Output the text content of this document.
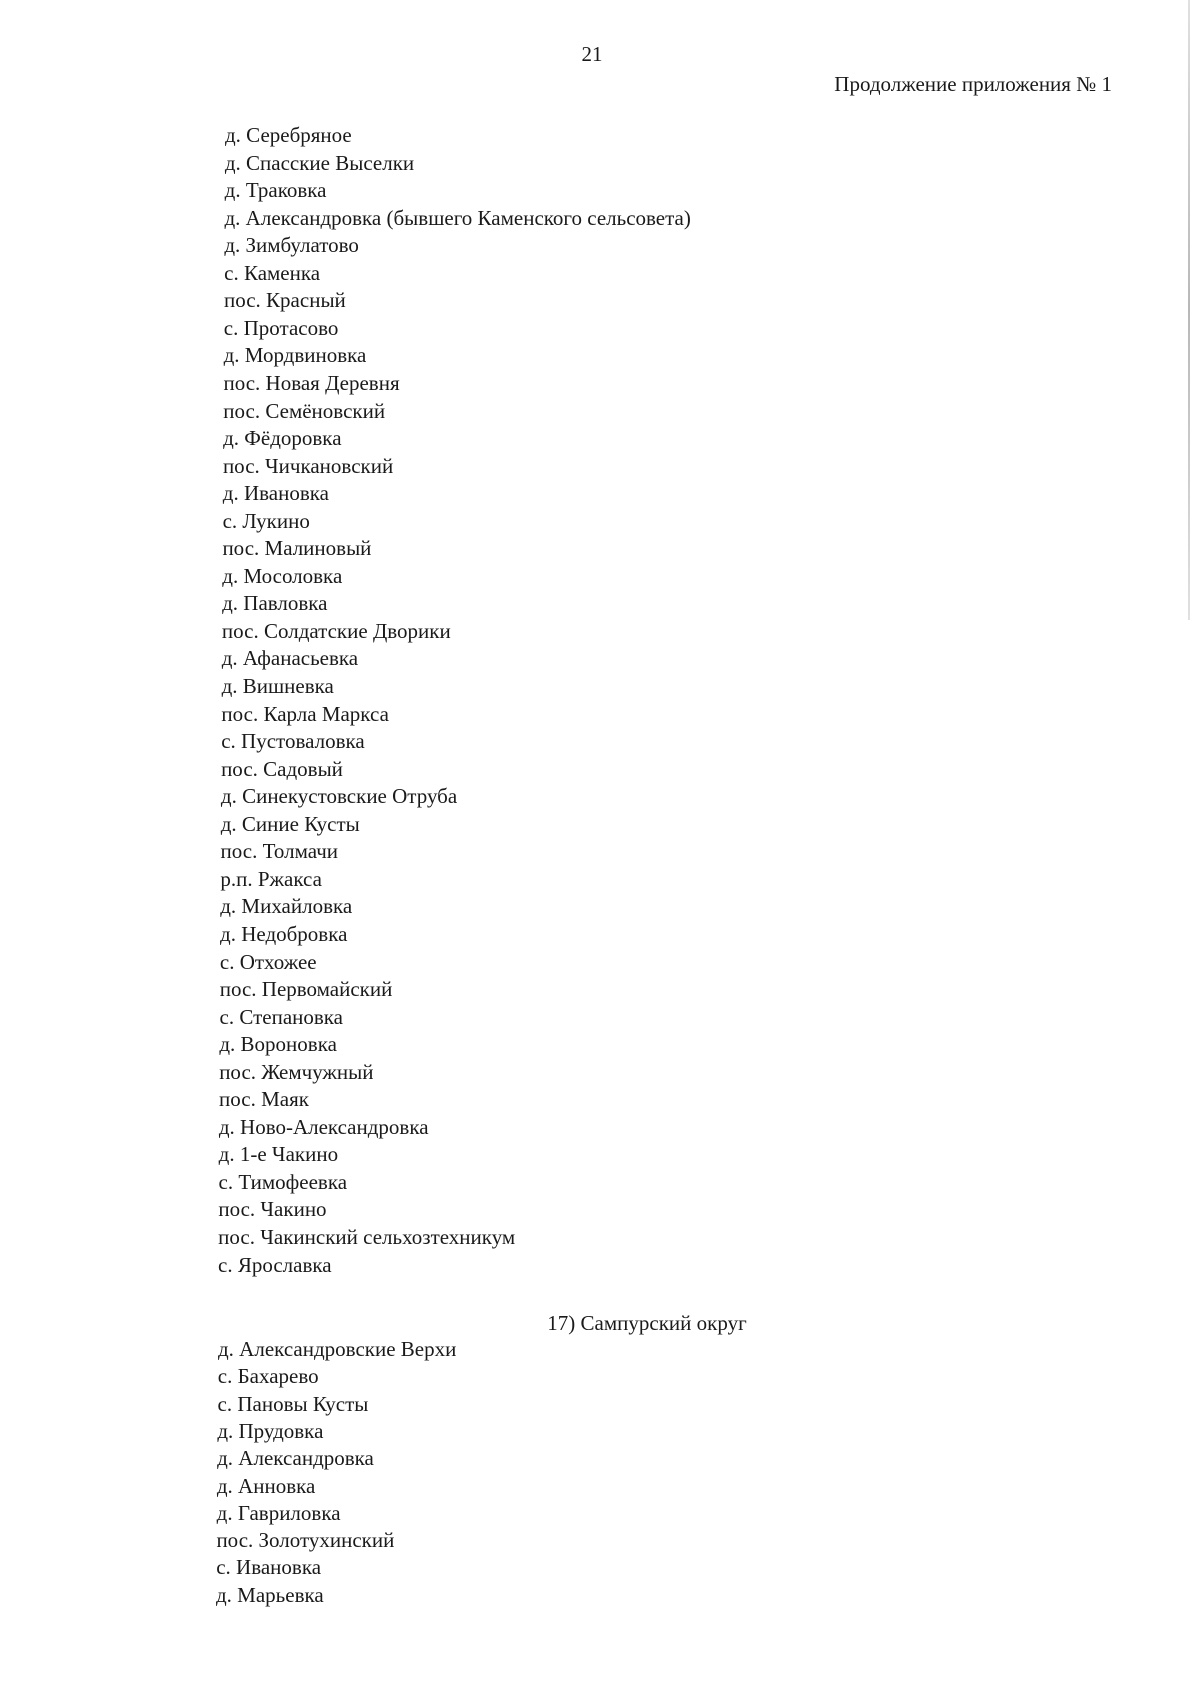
21
Продолжение приложения № 1
д. Серебряное
д. Спасские Выселки
д. Траковка
д. Александровка (бывшего Каменского сельсовета)
д. Зимбулатово
с. Каменка
пос. Красный
с. Протасово
д. Мордвиновка
пос. Новая Деревня
пос. Семёновский
д. Фёдоровка
пос. Чичкановский
д. Ивановка
с. Лукино
пос. Малиновый
д. Мосоловка
д. Павловка
пос. Солдатские Дворики
д. Афанасьевка
д. Вишневка
пос. Карла Маркса
с. Пустоваловка
пос. Садовый
д. Синекустовские Отруба
д. Синие Кусты
пос. Толмачи
р.п. Ржакса
д. Михайловка
д. Недобровка
с. Отхожее
пос. Первомайский
с. Степановка
д. Вороновка
пос. Жемчужный
пос. Маяк
д. Ново-Александровка
д. 1-е Чакино
с. Тимофеевка
пос. Чакино
пос. Чакинский сельхозтехникум
с. Ярославка
17) Сампурский округ
д. Александровские Верхи
с. Бахарево
с. Пановы Кусты
д. Прудовка
д. Александровка
д. Анновка
д. Гавриловка
пос. Золотухинский
с. Ивановка
д. Марьевка
